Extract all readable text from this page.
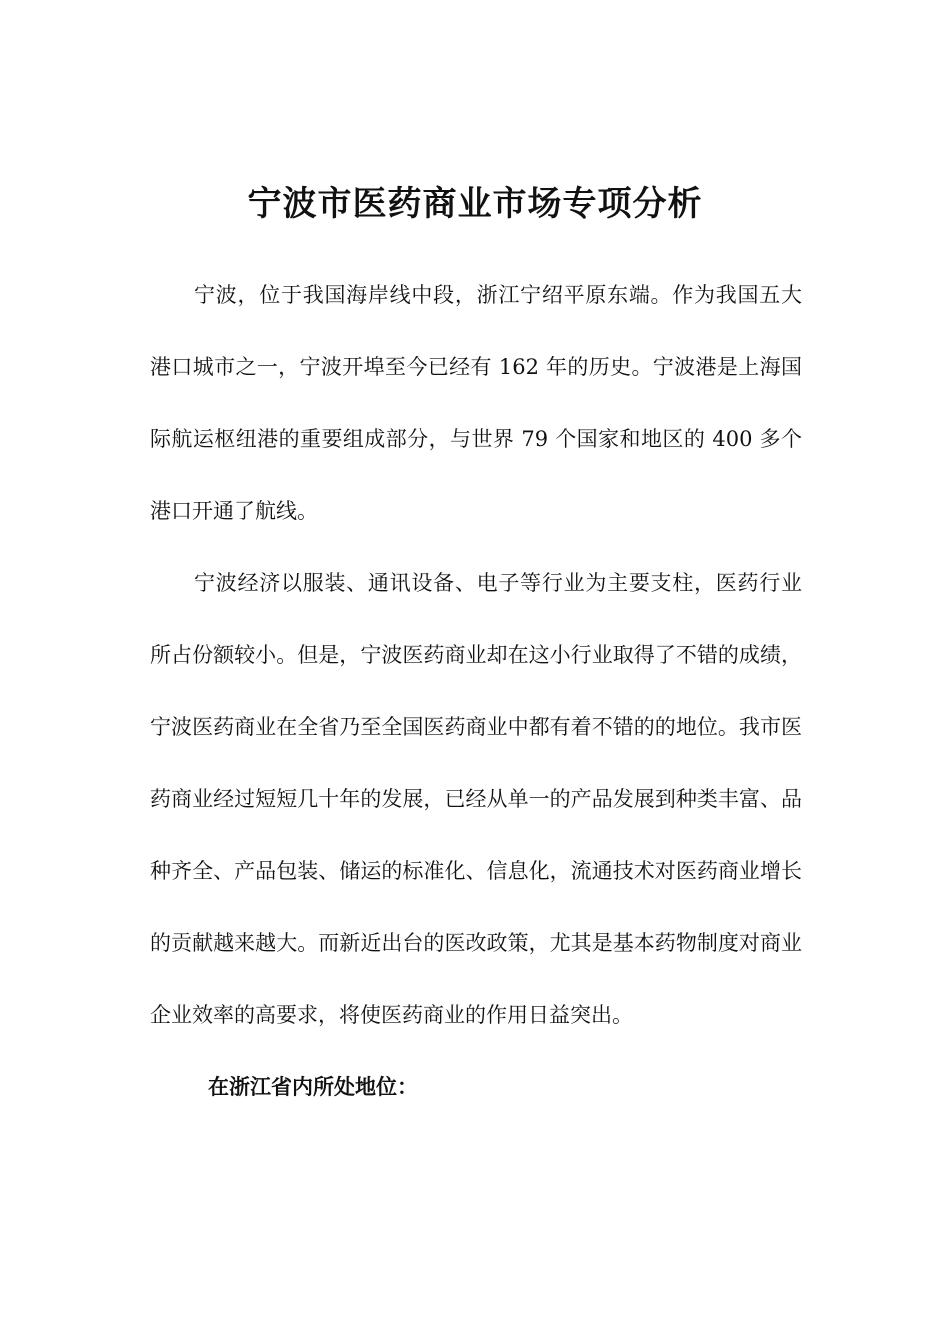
宁波市医药商业市场专项分析

宁波，位于我国海岸线中段，浙江宁绍平原东端。作为我国五大港口城市之一，宁波开埠至今已经有 162 年的历史。宁波港是上海国际航运枢纽港的重要组成部分，与世界 79 个国家和地区的 400 多个港口开通了航线。

宁波经济以服装、通讯设备、电子等行业为主要支柱，医药行业所占份额较小。但是，宁波医药商业却在这小行业取得了不错的成绩，宁波医药商业在全省乃至全国医药商业中都有着不错的的地位。我市医药商业经过短短几十年的发展，已经从单一的产品发展到种类丰富、品种齐全、产品包装、储运的标准化、信息化，流通技术对医药商业增长的贡献越来越大。而新近出台的医改政策，尤其是基本药物制度对商业企业效率的高要求，将使医药商业的作用日益突出。

在浙江省内所处地位：
